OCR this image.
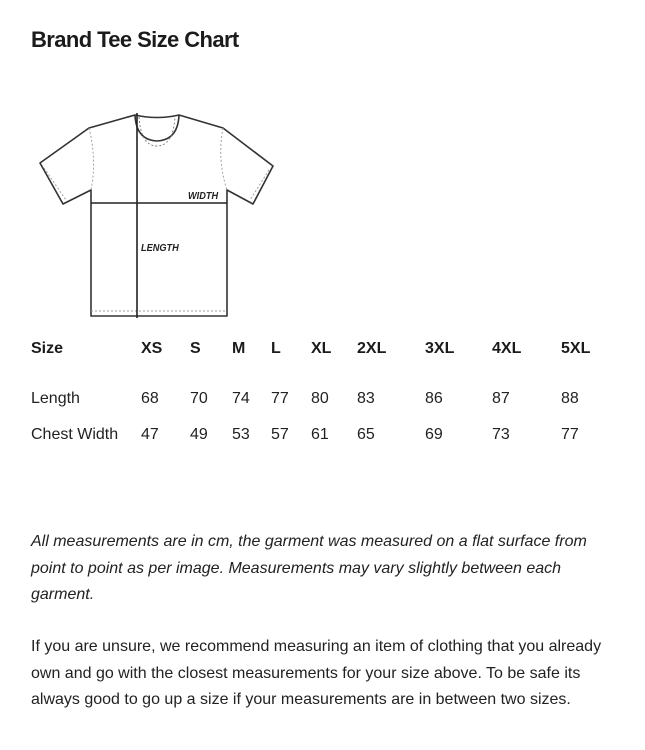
Brand Tee Size Chart
WIDTH
LENGTH
Size	XS	S	M	L	XL	2XL	3XL	4XL	5XL
Length	68	70	74	77	80	83	86	87	88
Chest Width	47	49	53	57	61	65	69	73	77

All measurements are in cm, the garment was measured on a flat surface from point to point as per image. Measurements may vary slightly between each garment.

If you are unsure, we recommend measuring an item of clothing that you already own and go with the closest measurements for your size above. To be safe its always good to go up a size if your measurements are in between two sizes.
